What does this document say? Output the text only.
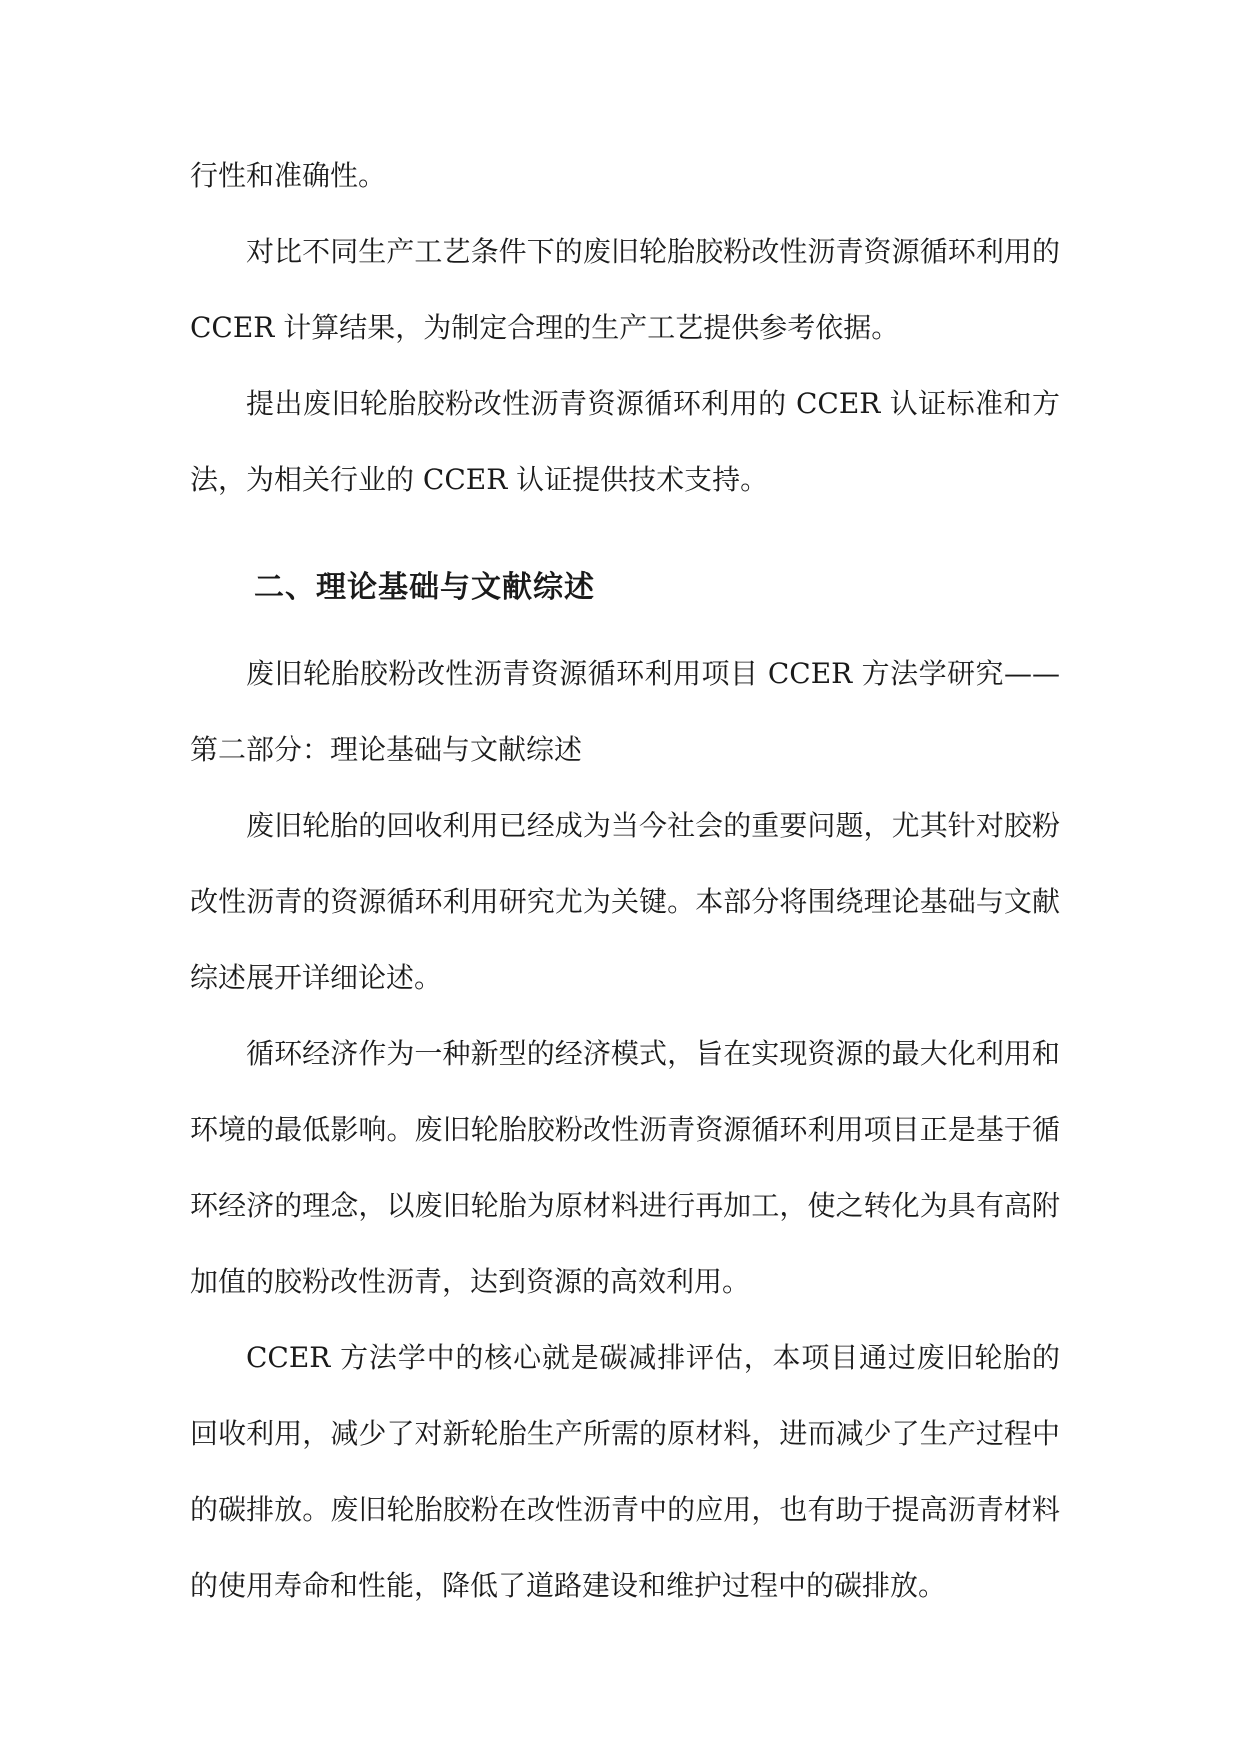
行性和准确性。

对比不同生产工艺条件下的废旧轮胎胶粉改性沥青资源循环利用的 CCER 计算结果，为制定合理的生产工艺提供参考依据。

提出废旧轮胎胶粉改性沥青资源循环利用的 CCER 认证标准和方法，为相关行业的 CCER 认证提供技术支持。

二、理论基础与文献综述

废旧轮胎胶粉改性沥青资源循环利用项目 CCER 方法学研究——第二部分：理论基础与文献综述

废旧轮胎的回收利用已经成为当今社会的重要问题，尤其针对胶粉改性沥青的资源循环利用研究尤为关键。本部分将围绕理论基础与文献综述展开详细论述。

循环经济作为一种新型的经济模式，旨在实现资源的最大化利用和环境的最低影响。废旧轮胎胶粉改性沥青资源循环利用项目正是基于循环经济的理念，以废旧轮胎为原材料进行再加工，使之转化为具有高附加值的胶粉改性沥青，达到资源的高效利用。

CCER 方法学中的核心就是碳减排评估，本项目通过废旧轮胎的回收利用，减少了对新轮胎生产所需的原材料，进而减少了生产过程中的碳排放。废旧轮胎胶粉在改性沥青中的应用，也有助于提高沥青材料的使用寿命和性能，降低了道路建设和维护过程中的碳排放。
